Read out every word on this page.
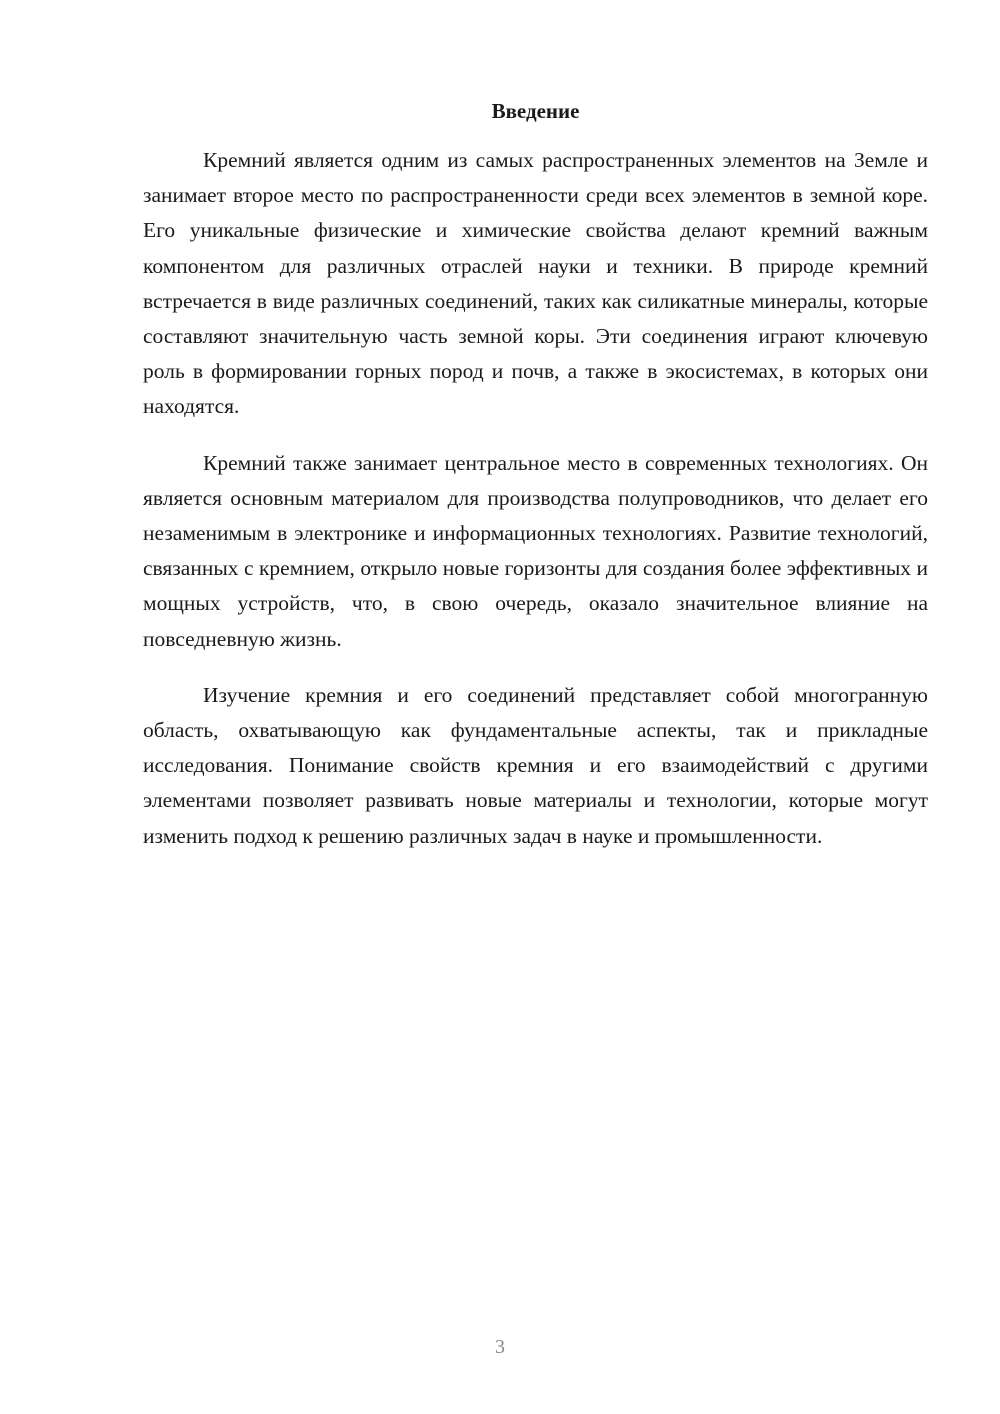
Введение

Кремний является одним из самых распространенных элементов на Земле и занимает второе место по распространенности среди всех элементов в земной коре. Его уникальные физические и химические свойства делают кремний важным компонентом для различных отраслей науки и техники. В природе кремний встречается в виде различных соединений, таких как силикатные минералы, которые составляют значительную часть земной коры. Эти соединения играют ключевую роль в формировании горных пород и почв, а также в экосистемах, в которых они находятся.

Кремний также занимает центральное место в современных технологиях. Он является основным материалом для производства полупроводников, что делает его незаменимым в электронике и информационных технологиях. Развитие технологий, связанных с кремнием, открыло новые горизонты для создания более эффективных и мощных устройств, что, в свою очередь, оказало значительное влияние на повседневную жизнь.

Изучение кремния и его соединений представляет собой многогранную область, охватывающую как фундаментальные аспекты, так и прикладные исследования. Понимание свойств кремния и его взаимодействий с другими элементами позволяет развивать новые материалы и технологии, которые могут изменить подход к решению различных задач в науке и промышленности.

3
